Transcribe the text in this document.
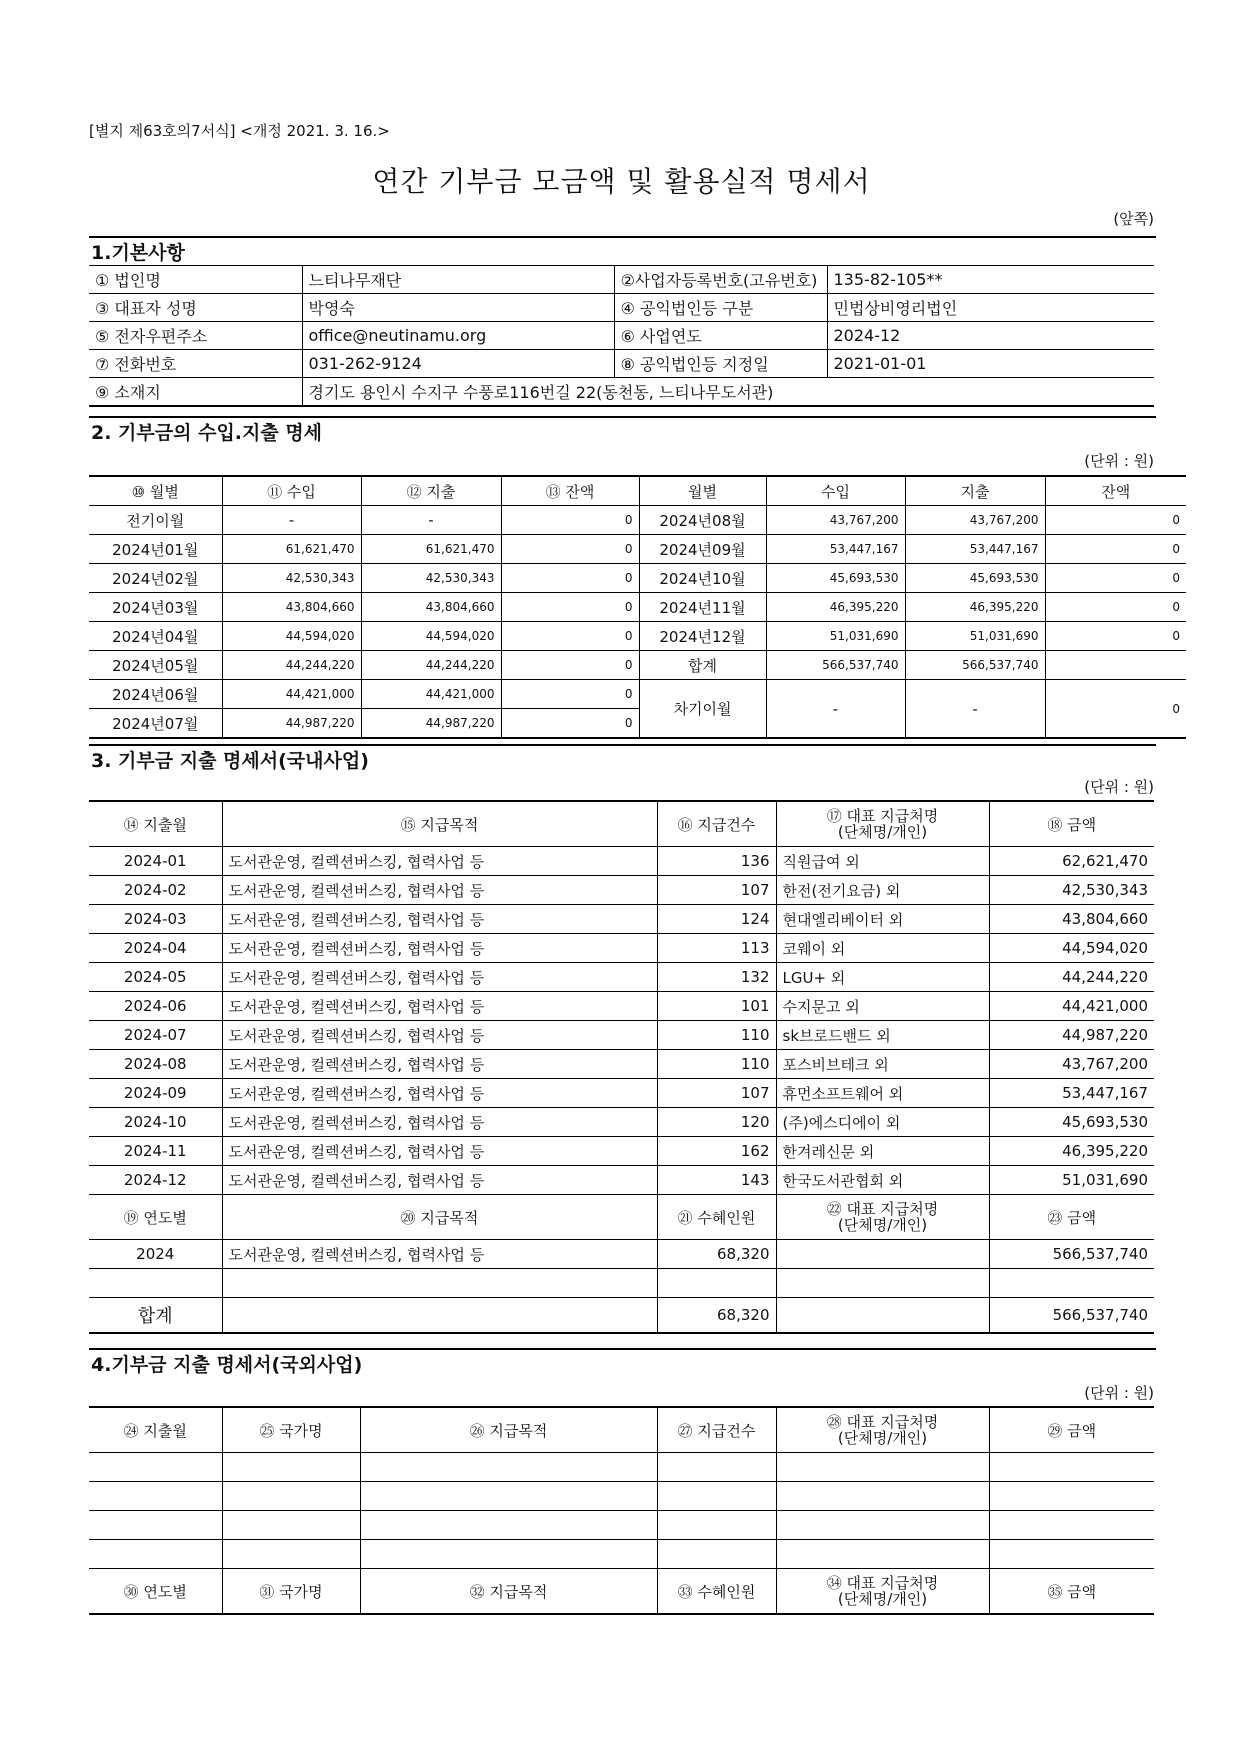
[별지 제63호의7서식] <개정 2021. 3. 16.>
연간 기부금 모금액 및 활용실적 명세서
(앞쪽)
1.기본사항
① 법인명	느티나무재단	②사업자등록번호(고유번호)	135-82-105**
③ 대표자 성명	박영숙	④ 공익법인등 구분	민법상비영리법인
⑤ 전자우편주소	office@neutinamu.org	⑥ 사업연도	2024-12
⑦ 전화번호	031-262-9124	⑧ 공익법인등 지정일	2021-01-01
⑨ 소재지	경기도 용인시 수지구 수풍로116번길 22(동천동, 느티나무도서관)		
2. 기부금의 수입.지출 명세
(단위 : 원)
⑩ 월별	⑪ 수입	⑫ 지출	⑬ 잔액	월별	수입	지출	잔액
전기이월	-	-	0	2024년08월	43,767,200	43,767,200	0
2024년01월	61,621,470	61,621,470	0	2024년09월	53,447,167	53,447,167	0
2024년02월	42,530,343	42,530,343	0	2024년10월	45,693,530	45,693,530	0
2024년03월	43,804,660	43,804,660	0	2024년11월	46,395,220	46,395,220	0
2024년04월	44,594,020	44,594,020	0	2024년12월	51,031,690	51,031,690	0
2024년05월	44,244,220	44,244,220	0	합계	566,537,740	566,537,740	
2024년06월	44,421,000	44,421,000	0	차기이월	-	-	0
2024년07월	44,987,220	44,987,220	0				
3. 기부금 지출 명세서(국내사업)
(단위 : 원)
⑭ 지출월	⑮ 지급목적	⑯ 지급건수	⑰ 대표 지급처명
(단체명/개인)	⑱ 금액
2024-01	도서관운영, 컬렉션버스킹, 협력사업 등	136	직원급여 외	62,621,470
2024-02	도서관운영, 컬렉션버스킹, 협력사업 등	107	한전(전기요금) 외	42,530,343
2024-03	도서관운영, 컬렉션버스킹, 협력사업 등	124	현대엘리베이터 외	43,804,660
2024-04	도서관운영, 컬렉션버스킹, 협력사업 등	113	코웨이 외	44,594,020
2024-05	도서관운영, 컬렉션버스킹, 협력사업 등	132	LGU+ 외	44,244,220
2024-06	도서관운영, 컬렉션버스킹, 협력사업 등	101	수지문고 외	44,421,000
2024-07	도서관운영, 컬렉션버스킹, 협력사업 등	110	sk브로드밴드 외	44,987,220
2024-08	도서관운영, 컬렉션버스킹, 협력사업 등	110	포스비브테크 외	43,767,200
2024-09	도서관운영, 컬렉션버스킹, 협력사업 등	107	휴먼소프트웨어 외	53,447,167
2024-10	도서관운영, 컬렉션버스킹, 협력사업 등	120	(주)에스디에이 외	45,693,530
2024-11	도서관운영, 컬렉션버스킹, 협력사업 등	162	한겨레신문 외	46,395,220
2024-12	도서관운영, 컬렉션버스킹, 협력사업 등	143	한국도서관협회 외	51,031,690
⑲ 연도별	⑳ 지급목적	㉑ 수혜인원	㉒ 대표 지급처명
(단체명/개인)	㉓ 금액
2024	도서관운영, 컬렉션버스킹, 협력사업 등	68,320		566,537,740

합계		68,320		566,537,740
4.기부금 지출 명세서(국외사업)
(단위 : 원)
㉔ 지출월	㉕ 국가명	㉖ 지급목적	㉗ 지급건수	㉘ 대표 지급처명
(단체명/개인)	㉙ 금액

㉚ 연도별	㉛ 국가명	㉜ 지급목적	㉝ 수혜인원	㉞ 대표 지급처명
(단체명/개인)	㉟ 금액
